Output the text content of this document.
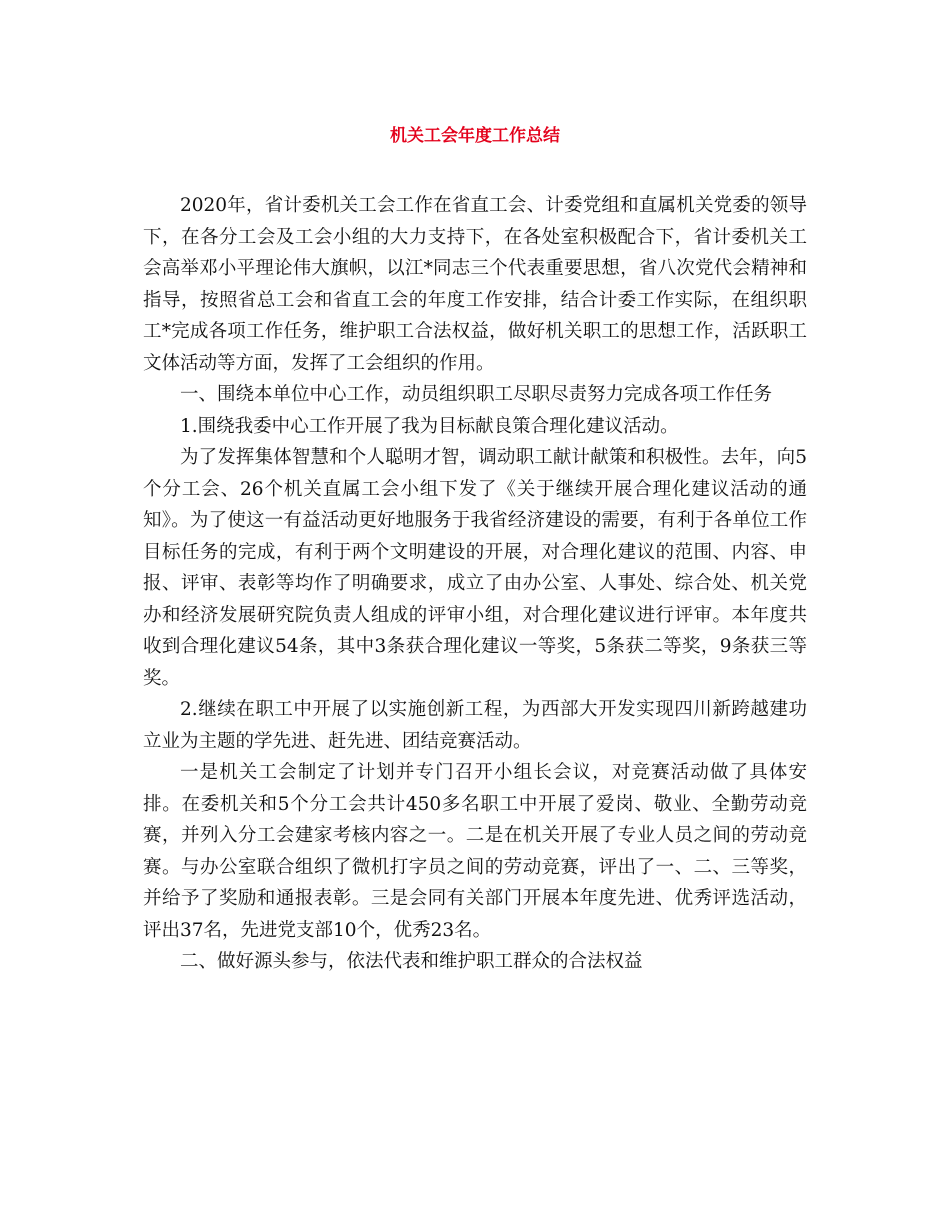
机关工会年度工作总结

2020年，省计委机关工会工作在省直工会、计委党组和直属机关党委的领导下，在各分工会及工会小组的大力支持下，在各处室积极配合下，省计委机关工会高举邓小平理论伟大旗帜，以江*同志三个代表重要思想，省八次党代会精神和指导，按照省总工会和省直工会的年度工作安排，结合计委工作实际，在组织职工*完成各项工作任务，维护职工合法权益，做好机关职工的思想工作，活跃职工文体活动等方面，发挥了工会组织的作用。

一、围绕本单位中心工作，动员组织职工尽职尽责努力完成各项工作任务

1.围绕我委中心工作开展了我为目标献良策合理化建议活动。

为了发挥集体智慧和个人聪明才智，调动职工献计献策和积极性。去年，向5个分工会、26个机关直属工会小组下发了《关于继续开展合理化建议活动的通知》。为了使这一有益活动更好地服务于我省经济建设的需要，有利于各单位工作目标任务的完成，有利于两个文明建设的开展，对合理化建议的范围、内容、申报、评审、表彰等均作了明确要求，成立了由办公室、人事处、综合处、机关党办和经济发展研究院负责人组成的评审小组，对合理化建议进行评审。本年度共收到合理化建议54条，其中3条获合理化建议一等奖，5条获二等奖，9条获三等奖。

2.继续在职工中开展了以实施创新工程，为西部大开发实现四川新跨越建功立业为主题的学先进、赶先进、团结竞赛活动。

一是机关工会制定了计划并专门召开小组长会议，对竞赛活动做了具体安排。在委机关和5个分工会共计450多名职工中开展了爱岗、敬业、全勤劳动竞赛，并列入分工会建家考核内容之一。二是在机关开展了专业人员之间的劳动竞赛。与办公室联合组织了微机打字员之间的劳动竞赛，评出了一、二、三等奖，并给予了奖励和通报表彰。三是会同有关部门开展本年度先进、优秀评选活动，评出37名，先进党支部10个，优秀23名。

二、做好源头参与，依法代表和维护职工群众的合法权益
